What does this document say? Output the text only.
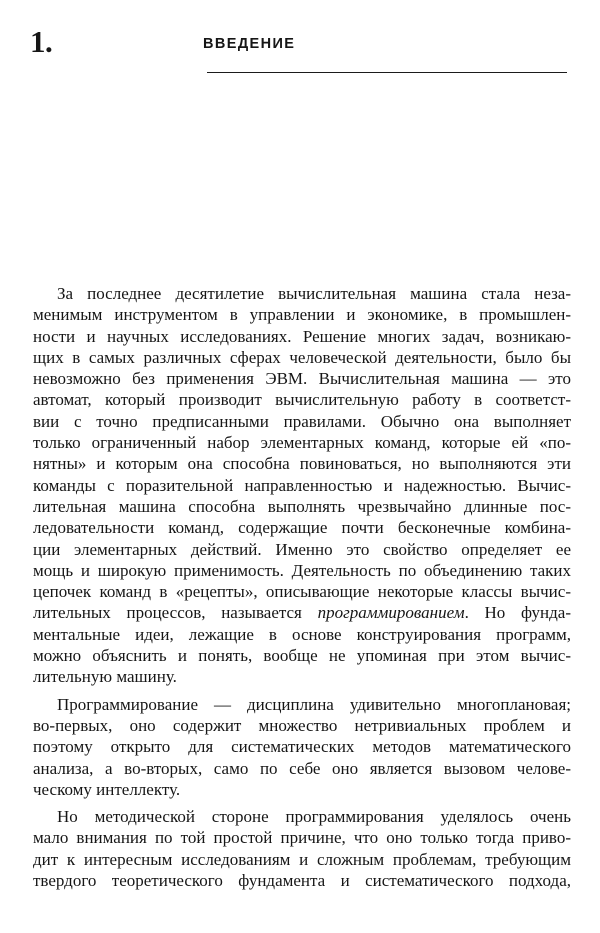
1.	ВВЕДЕНИЕ
За последнее десятилетие вычислительная машина стала неза-
менимым инструментом в управлении и экономике, в промышлен-
ности и научных исследованиях. Решение многих задач, возникаю-
щих в самых различных сферах человеческой деятельности, было бы
невозможно без применения ЭВМ. Вычислительная машина — это
автомат, который производит вычислительную работу в соответст-
вии с точно предписанными правилами. Обычно она выполняет
только ограниченный набор элементарных команд, которые ей «по-
нятны» и которым она способна повиноваться, но выполняются эти
команды с поразительной направленностью и надежностью. Вычис-
лительная машина способна выполнять чрезвычайно длинные пос-
ледовательности команд, содержащие почти бесконечные комбина-
ции элементарных действий. Именно это свойство определяет ее
мощь и широкую применимость. Деятельность по объединению таких
цепочек команд в «рецепты», описывающие некоторые классы вычис-
лительных процессов, называется программированием. Но фунда-
ментальные идеи, лежащие в основе конструирования программ,
можно объяснить и понять, вообще не упоминая при этом вычис-
лительную машину.
Программирование — дисциплина удивительно многоплановая;
во-первых, оно содержит множество нетривиальных проблем и
поэтому открыто для систематических методов математического
анализа, а во-вторых, само по себе оно является вызовом челове-
ческому интеллекту.
Но методической стороне программирования уделялось очень
мало внимания по той простой причине, что оно только тогда приво-
дит к интересным исследованиям и сложным проблемам, требующим
твердого теоретического фундамента и систематического подхода,
